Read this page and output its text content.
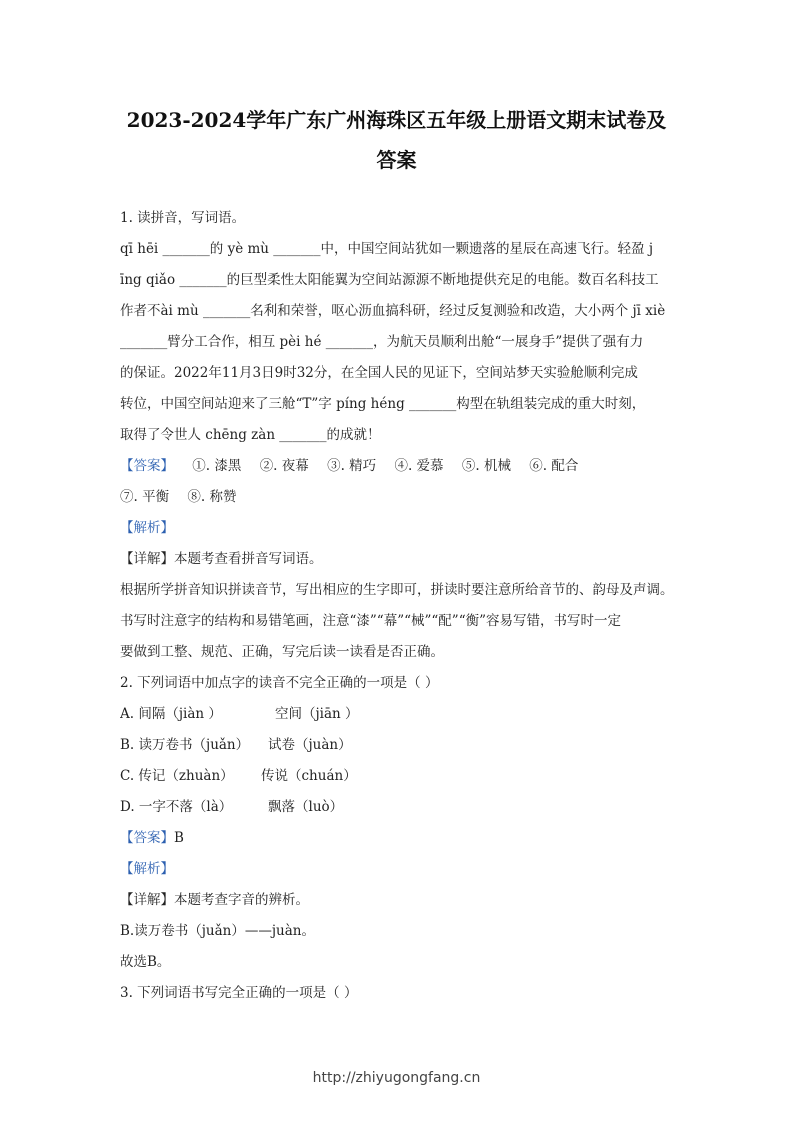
2023-2024学年广东广州海珠区五年级上册语文期末试卷及
答案
1. 读拼音，写词语。
qī hēi _______的 yè mù _______中，中国空间站犹如一颗遗落的星辰在高速飞行。轻盈 j
īng qiǎo _______的巨型柔性太阳能翼为空间站源源不断地提供充足的电能。数百名科技工
作者不ài mù _______名利和荣誉，呕心沥血搞科研，经过反复测验和改造，大小两个 jī xiè
_______臂分工合作，相互 pèi hé _______，为航天员顺利出舱“一展身手”提供了强有力
的保证。2022年11月3日9时32分，在全国人民的见证下，空间站梦天实验舱顺利完成
转位，中国空间站迎来了三舱“T”字 píng héng _______构型在轨组装完成的重大时刻，
取得了令世人 chēng zàn _______的成就！
【答案】 ①. 漆黑 ②. 夜幕 ③. 精巧 ④. 爱慕 ⑤. 机械 ⑥. 配合
⑦. 平衡 ⑧. 称赞
【解析】
【详解】本题考查看拼音写词语。
根据所学拼音知识拼读音节，写出相应的生字即可，拼读时要注意所给音节的、韵母及声调。
书写时注意字的结构和易错笔画，注意“漆”“幕”“械”“配”“衡”容易写错，书写时一定
要做到工整、规范、正确，写完后读一读看是否正确。
2. 下列词语中加点字的读音不完全正确的一项是（ ）
A. 间隔（jiàn ）	空间（jiān ）
B. 读万卷书（juǎn） 试卷（juàn）
C. 传记（zhuàn） 传说（chuán）
D. 一字不落（là）	飘落（luò）
【答案】B
【解析】
【详解】本题考查字音的辨析。
B.读万卷书（juǎn）——juàn。
故选B。
3. 下列词语书写完全正确的一项是（ ）
http://zhiyugongfang.cn
